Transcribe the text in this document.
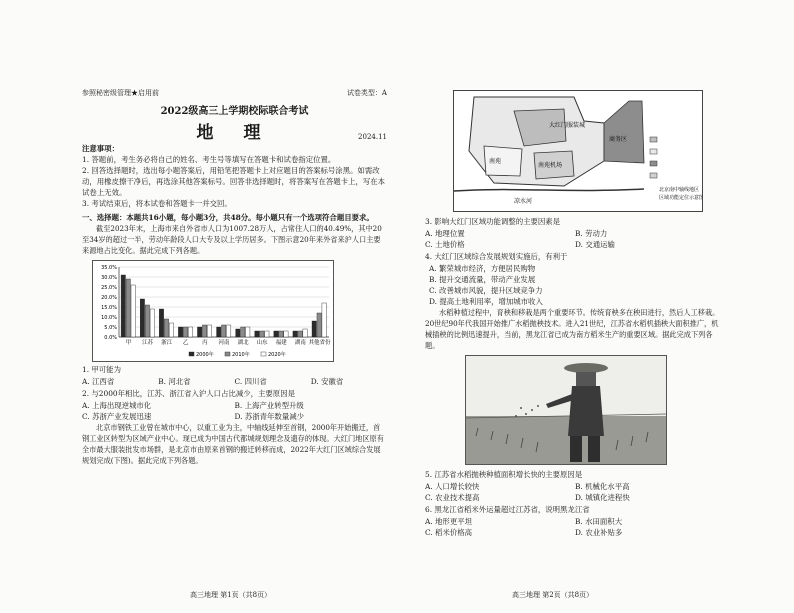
参照秘密级管理★启用前	试卷类型：A
2022级高三上学期校际联合考试
地 理	2024.11
注意事项：
1. 答题前，考生务必将自己的姓名、考生号等填写在答题卡和试卷指定位置。
2. 回答选择题时，选出每小题答案后，用铅笔把答题卡上对应题目的答案标号涂黑。如需改动，用橡皮擦干净后，再选涂其他答案标号。回答非选择题时，将答案写在答题卡上，写在本试卷上无效。
3. 考试结束后，将本试卷和答题卡一并交回。
一、选择题：本题共16小题，每小题3分，共48分。每小题只有一个选项符合题目要求。

截至2023年末，上海市来自外省市人口为1007.28万人，占常住人口的40.49%，其中20至34岁的超过一半，劳动年龄段人口大专及以上学历居多。下图示意20年来外省来沪人口主要来源地占比变化。据此完成下列各题。

0.0%
5.0%
10.0%
15.0%
20.0%
25.0%
30.0%
35.0%
甲 江苏 浙江 乙 丙 河南 湖北 山东 福建 湖南 其他省份
2000年	2010年	2020年
1. 甲可能为
A. 江西省	B. 河北省	C. 四川省	D. 安徽省
2. 与2000年相比，江苏、浙江省入沪人口占比减少，主要原因是
A. 上海出现逆城市化	B. 上海产业转型升级
C. 苏浙产业发展迅速	D. 苏浙青年数量减少

北京市钢铁工业曾在城市中心，以重工业为主，中轴线延伸至首钢，2000年开始搬迁，首钢工业区转型为区域产业中心。现已成为中国古代都城规划理念及遗存的体现。大红门地区原有全市最大服装批发市场群，是北京市由原来首钢的搬迁转移而成，2022年大红门区域综合发展规划完成(下图)。据此完成下列各题。

高三地理 第1页（共8页）
大红门服装城
南苑
南苑机场
商务区
凉水河
北京南中轴线地区
区域功能定位示意图
3. 影响大红门区域功能调整的主要因素是
A. 地理位置	B. 劳动力
C. 土地价格	D. 交通运输
4. 大红门区域综合发展规划实施后，有利于
A. 繁荣城市经济，方便居民购物
B. 提升交通流量，带动产业发展
C. 改善城市风貌，提升区域竞争力
D. 提高土地利用率，增加城市收入

水稻种植过程中，育秧和移栽是两个重要环节。传统育秧多在秧田进行，然后人工移栽。20世纪90年代我国开始推广水稻抛秧技术。进入21世纪，江苏省水稻机插秧大面积推广，机械插秧的比例迅速提升，当前，黑龙江省已成为南方稻米生产的重要区域。据此完成下列各题。

5. 江苏省水稻抛秧种植面积增长快的主要原因是
A. 人口增长较快	B. 机械化水平高
C. 农业技术提高	D. 城镇化进程快
6. 黑龙江省稻米外运量超过江苏省，说明黑龙江省
A. 地形更平坦	B. 水田面积大
C. 稻米价格高	D. 农业补贴多
高三地理 第2页（共8页）
